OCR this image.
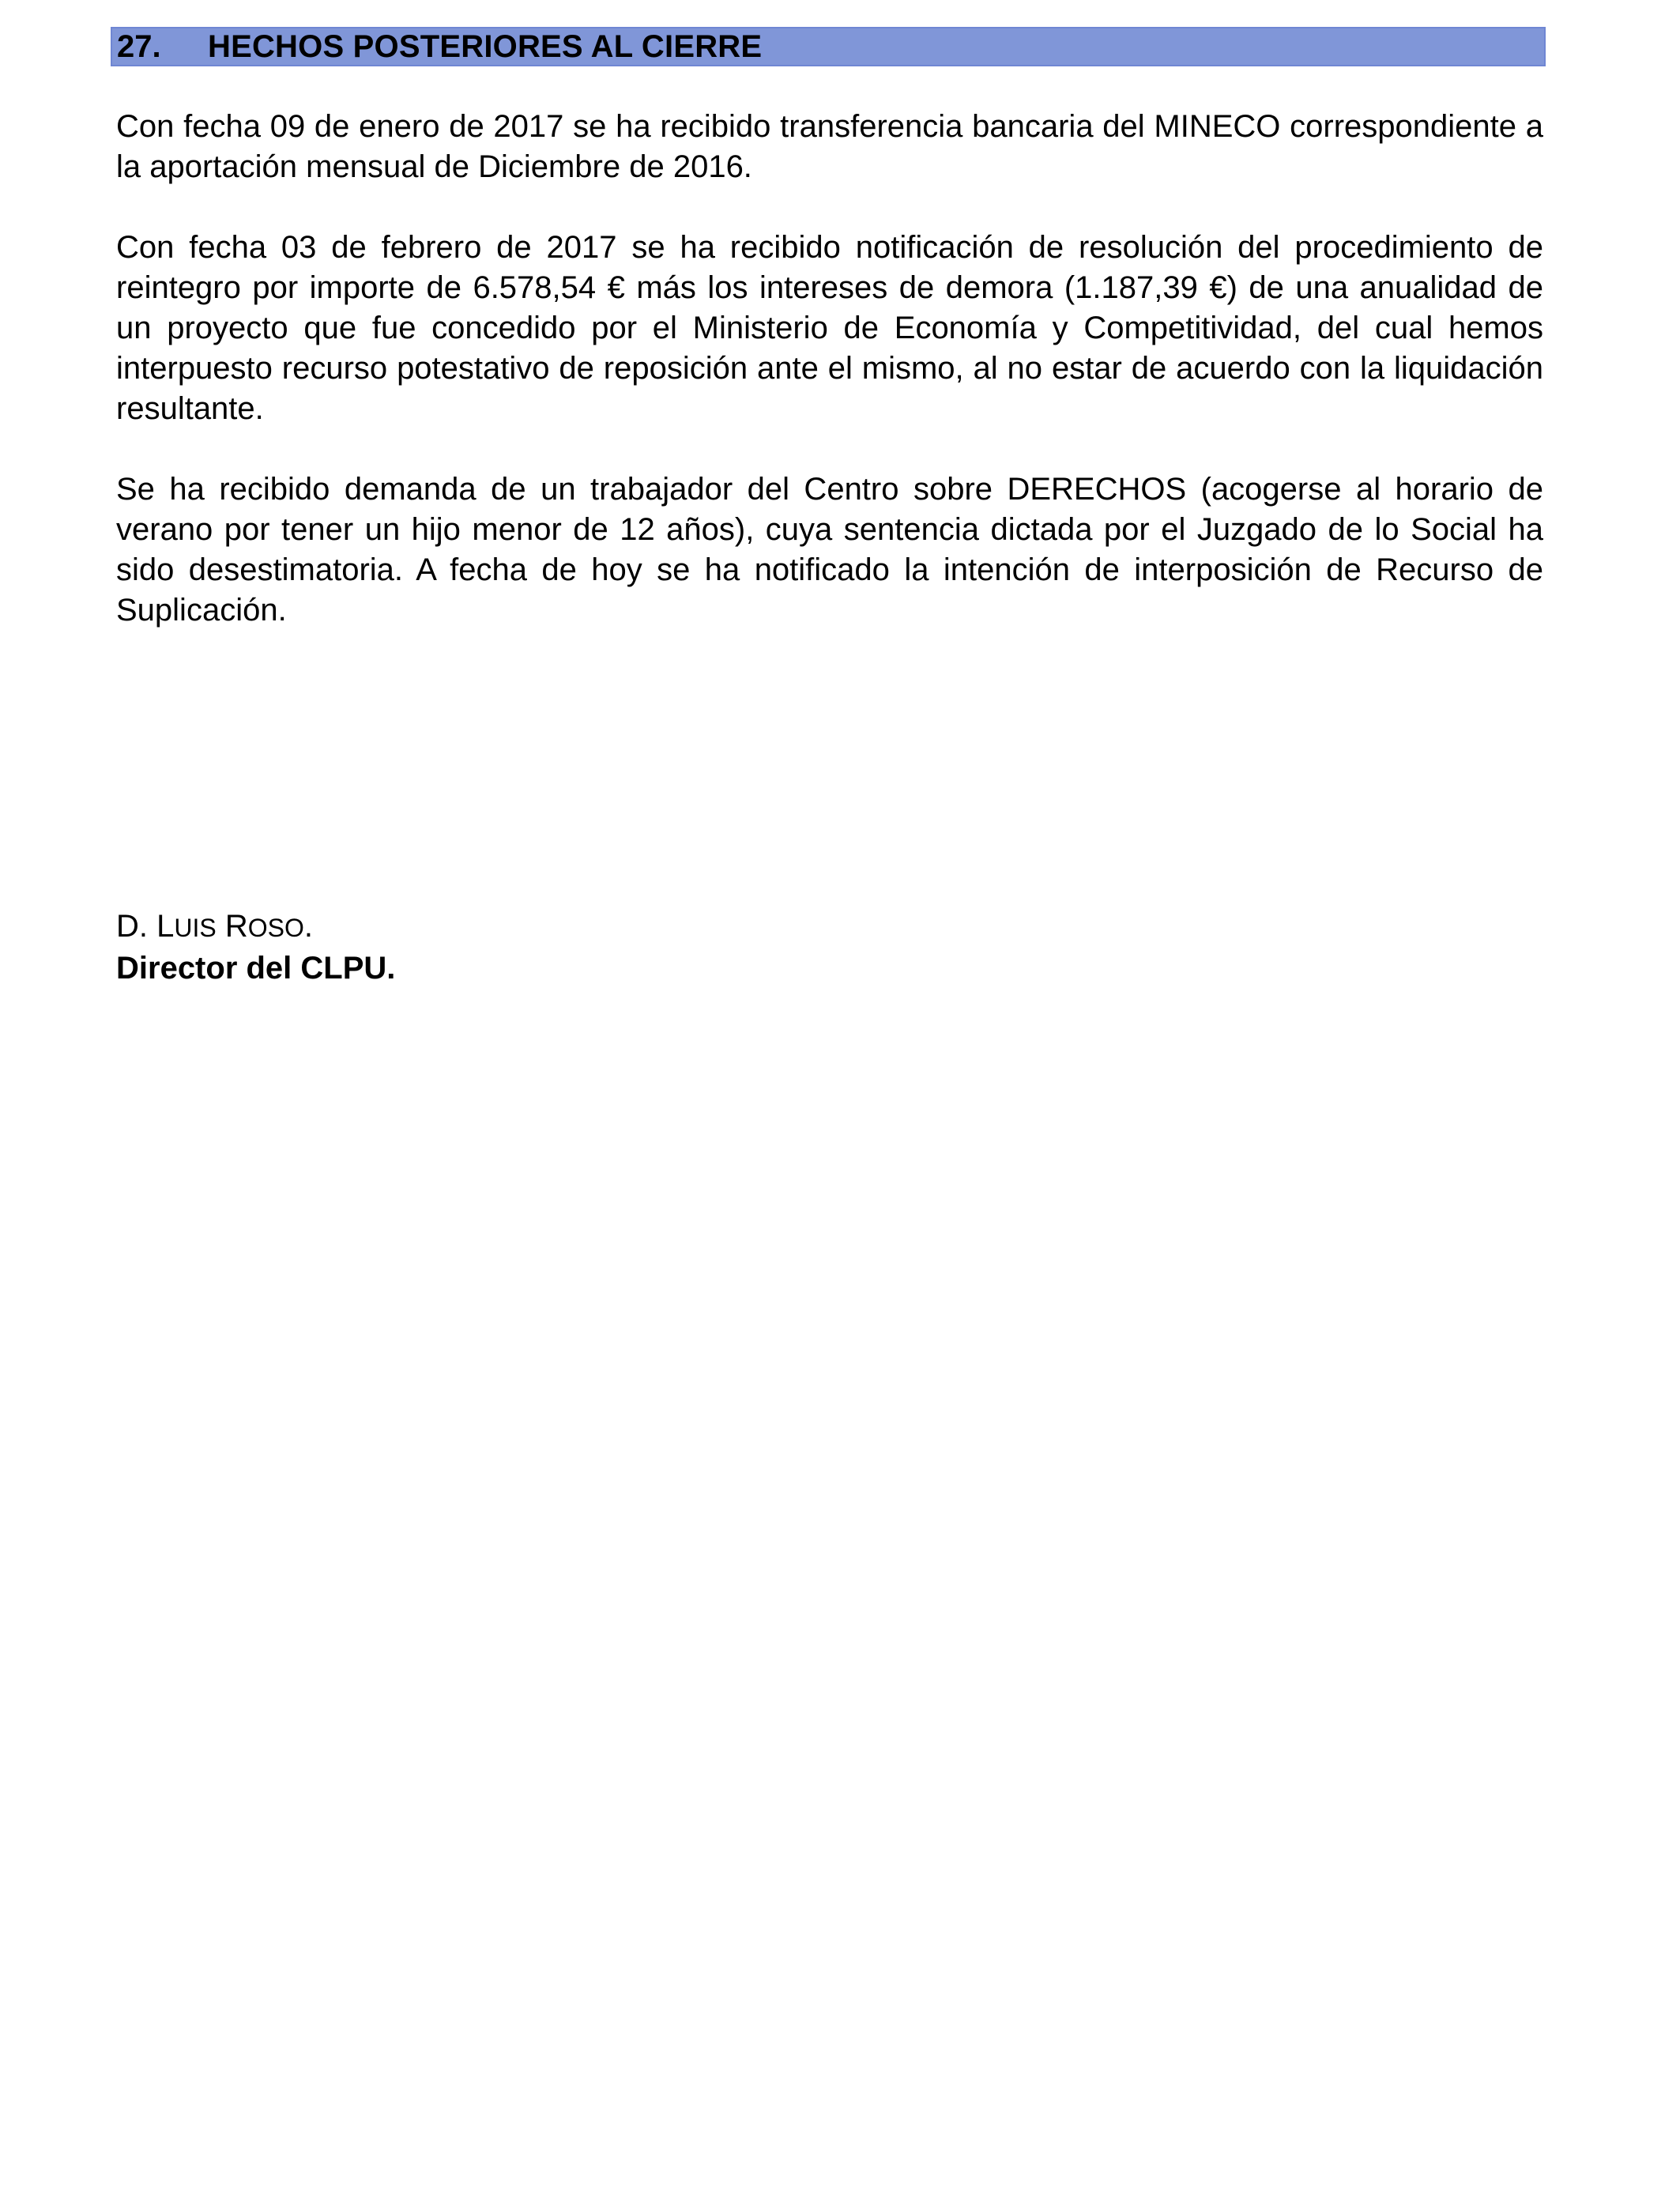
27.	HECHOS POSTERIORES AL CIERRE

Con fecha 09 de enero de 2017 se ha recibido transferencia bancaria del MINECO correspondiente a la aportación mensual de Diciembre de 2016.

Con fecha 03 de febrero de 2017 se ha recibido notificación de resolución del procedimiento de reintegro por importe de 6.578,54 € más los intereses de demora (1.187,39 €) de una anualidad de un proyecto que fue concedido por el Ministerio de Economía y Competitividad, del cual hemos interpuesto recurso potestativo de reposición ante el mismo, al no estar de acuerdo con la liquidación resultante.

Se ha recibido demanda de un trabajador del Centro sobre DERECHOS (acogerse al horario de verano por tener un hijo menor de 12 años), cuya sentencia dictada por el Juzgado de lo Social ha sido desestimatoria. A fecha de hoy se ha notificado la intención de interposición de Recurso de Suplicación.

D. LUIS ROSO.
Director del CLPU.
